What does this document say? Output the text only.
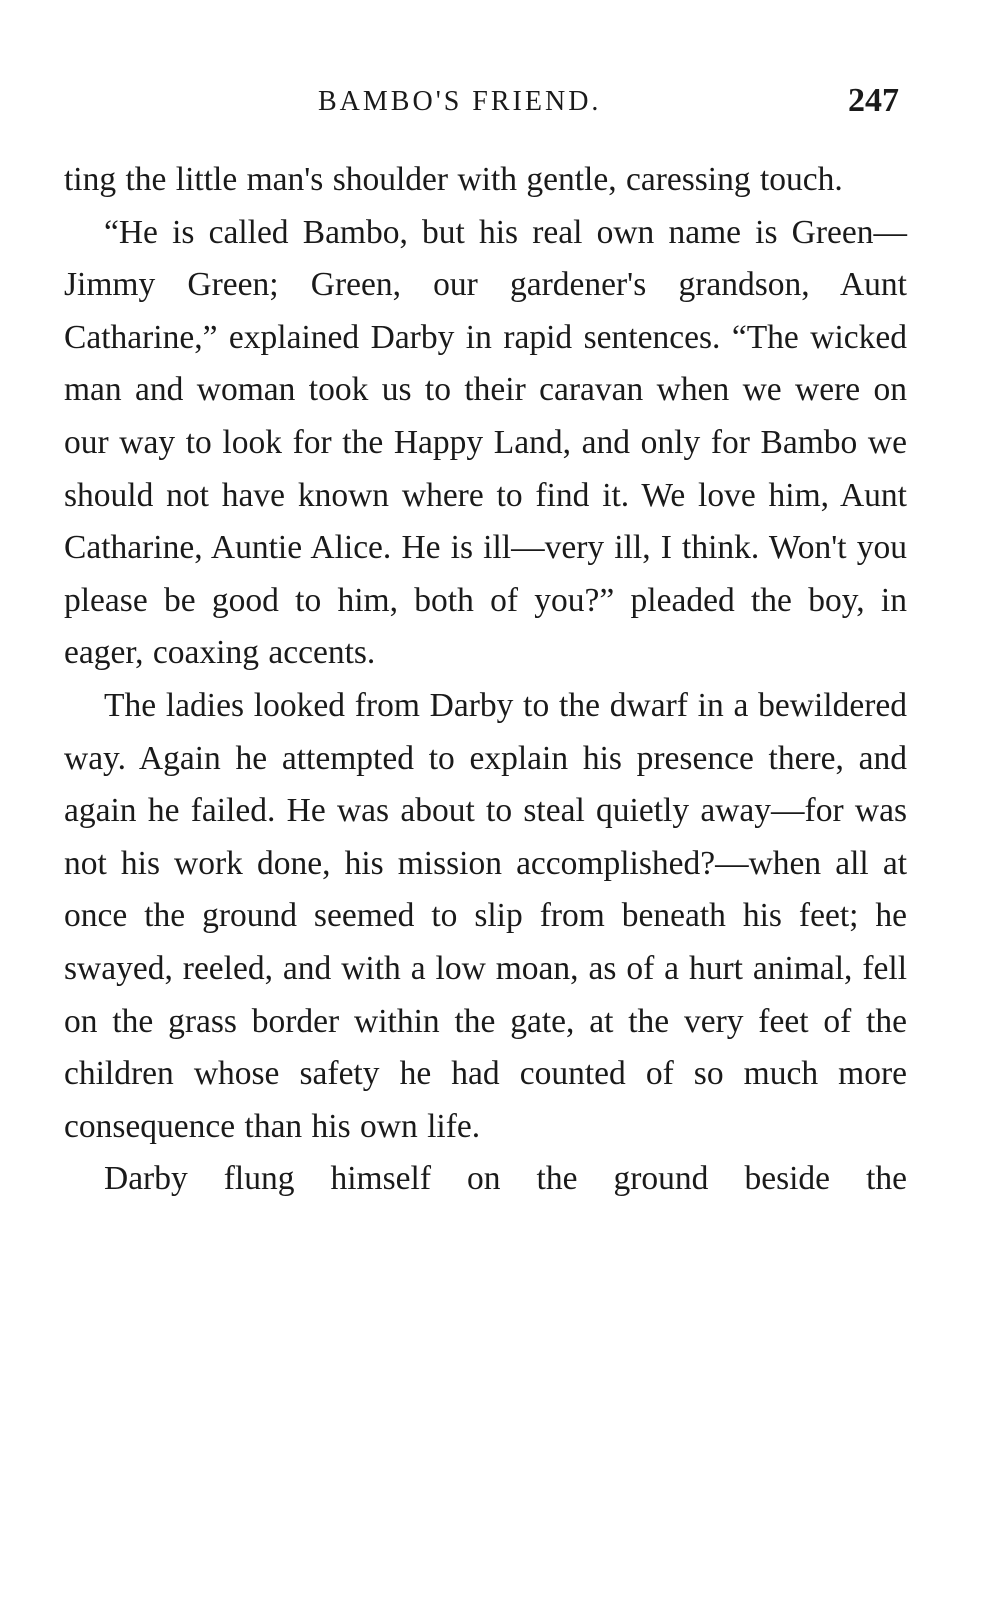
BAMBO'S FRIEND.	247

ting the little man's shoulder with gentle, caressing touch.

“He is called Bambo, but his real own name is Green—Jimmy Green; Green, our gardener's grandson, Aunt Catharine,” explained Darby in rapid sentences. “The wicked man and woman took us to their caravan when we were on our way to look for the Happy Land, and only for Bambo we should not have known where to find it. We love him, Aunt Catharine, Auntie Alice. He is ill—very ill, I think. Won't you please be good to him, both of you?” pleaded the boy, in eager, coaxing accents.

The ladies looked from Darby to the dwarf in a bewildered way. Again he attempted to explain his presence there, and again he failed. He was about to steal quietly away—for was not his work done, his mission accomplished?—when all at once the ground seemed to slip from beneath his feet; he swayed, reeled, and with a low moan, as of a hurt animal, fell on the grass border within the gate, at the very feet of the children whose safety he had counted of so much more consequence than his own life.

Darby flung himself on the ground beside the
